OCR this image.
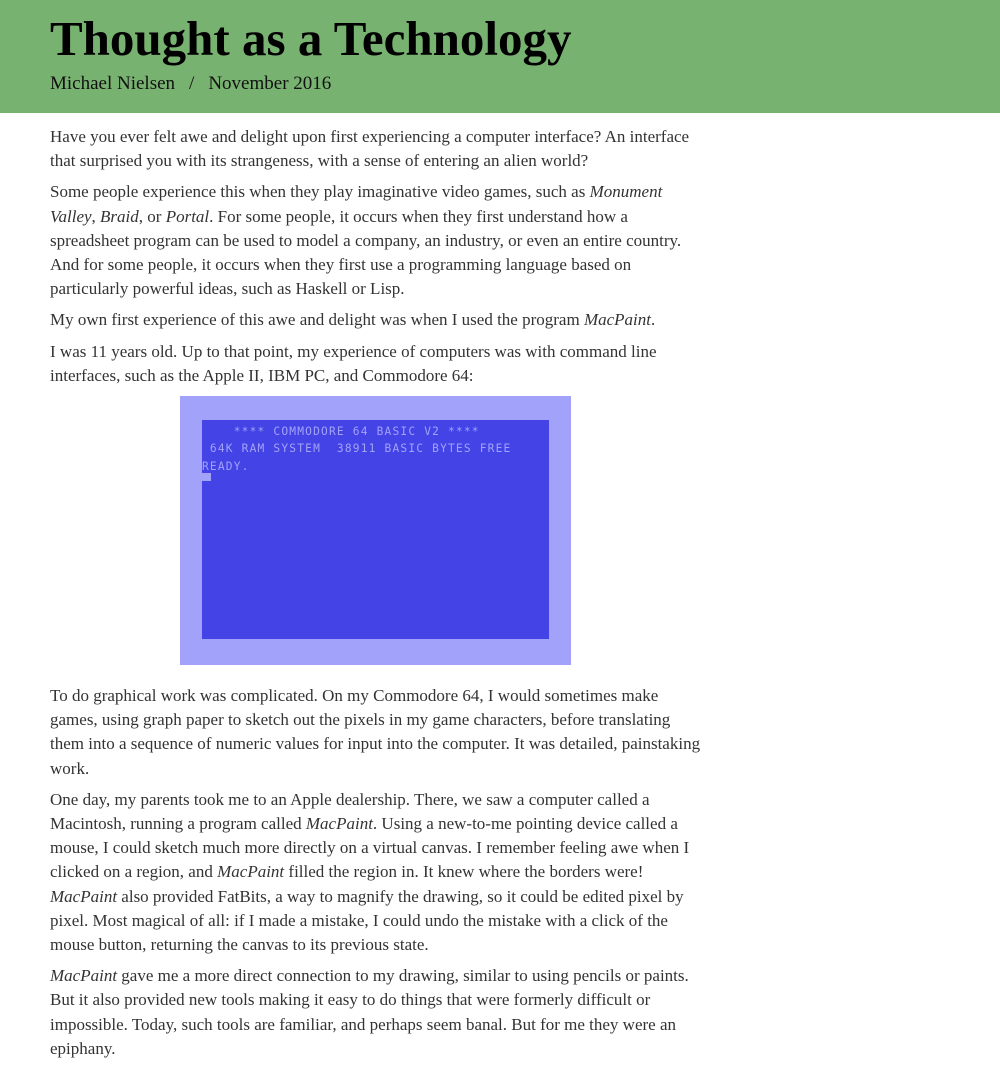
Thought as a Technology
Michael Nielsen / November 2016

Have you ever felt awe and delight upon first experiencing a computer interface? An interface that surprised you with its strangeness, with a sense of entering an alien world?

Some people experience this when they play imaginative video games, such as Monument Valley, Braid, or Portal. For some people, it occurs when they first understand how a spreadsheet program can be used to model a company, an industry, or even an entire country. And for some people, it occurs when they first use a programming language based on particularly powerful ideas, such as Haskell or Lisp.

My own first experience of this awe and delight was when I used the program MacPaint.

I was 11 years old. Up to that point, my experience of computers was with command line interfaces, such as the Apple II, IBM PC, and Commodore 64:

**** COMMODORE 64 BASIC V2 ****
64K RAM SYSTEM  38911 BASIC BYTES FREE
READY.

To do graphical work was complicated. On my Commodore 64, I would sometimes make games, using graph paper to sketch out the pixels in my game characters, before translating them into a sequence of numeric values for input into the computer. It was detailed, painstaking work.

One day, my parents took me to an Apple dealership. There, we saw a computer called a Macintosh, running a program called MacPaint. Using a new-to-me pointing device called a mouse, I could sketch much more directly on a virtual canvas. I remember feeling awe when I clicked on a region, and MacPaint filled the region in. It knew where the borders were! MacPaint also provided FatBits, a way to magnify the drawing, so it could be edited pixel by pixel. Most magical of all: if I made a mistake, I could undo the mistake with a click of the mouse button, returning the canvas to its previous state.

MacPaint gave me a more direct connection to my drawing, similar to using pencils or paints. But it also provided new tools making it easy to do things that were formerly difficult or impossible. Today, such tools are familiar, and perhaps seem banal. But for me they were an epiphany.
